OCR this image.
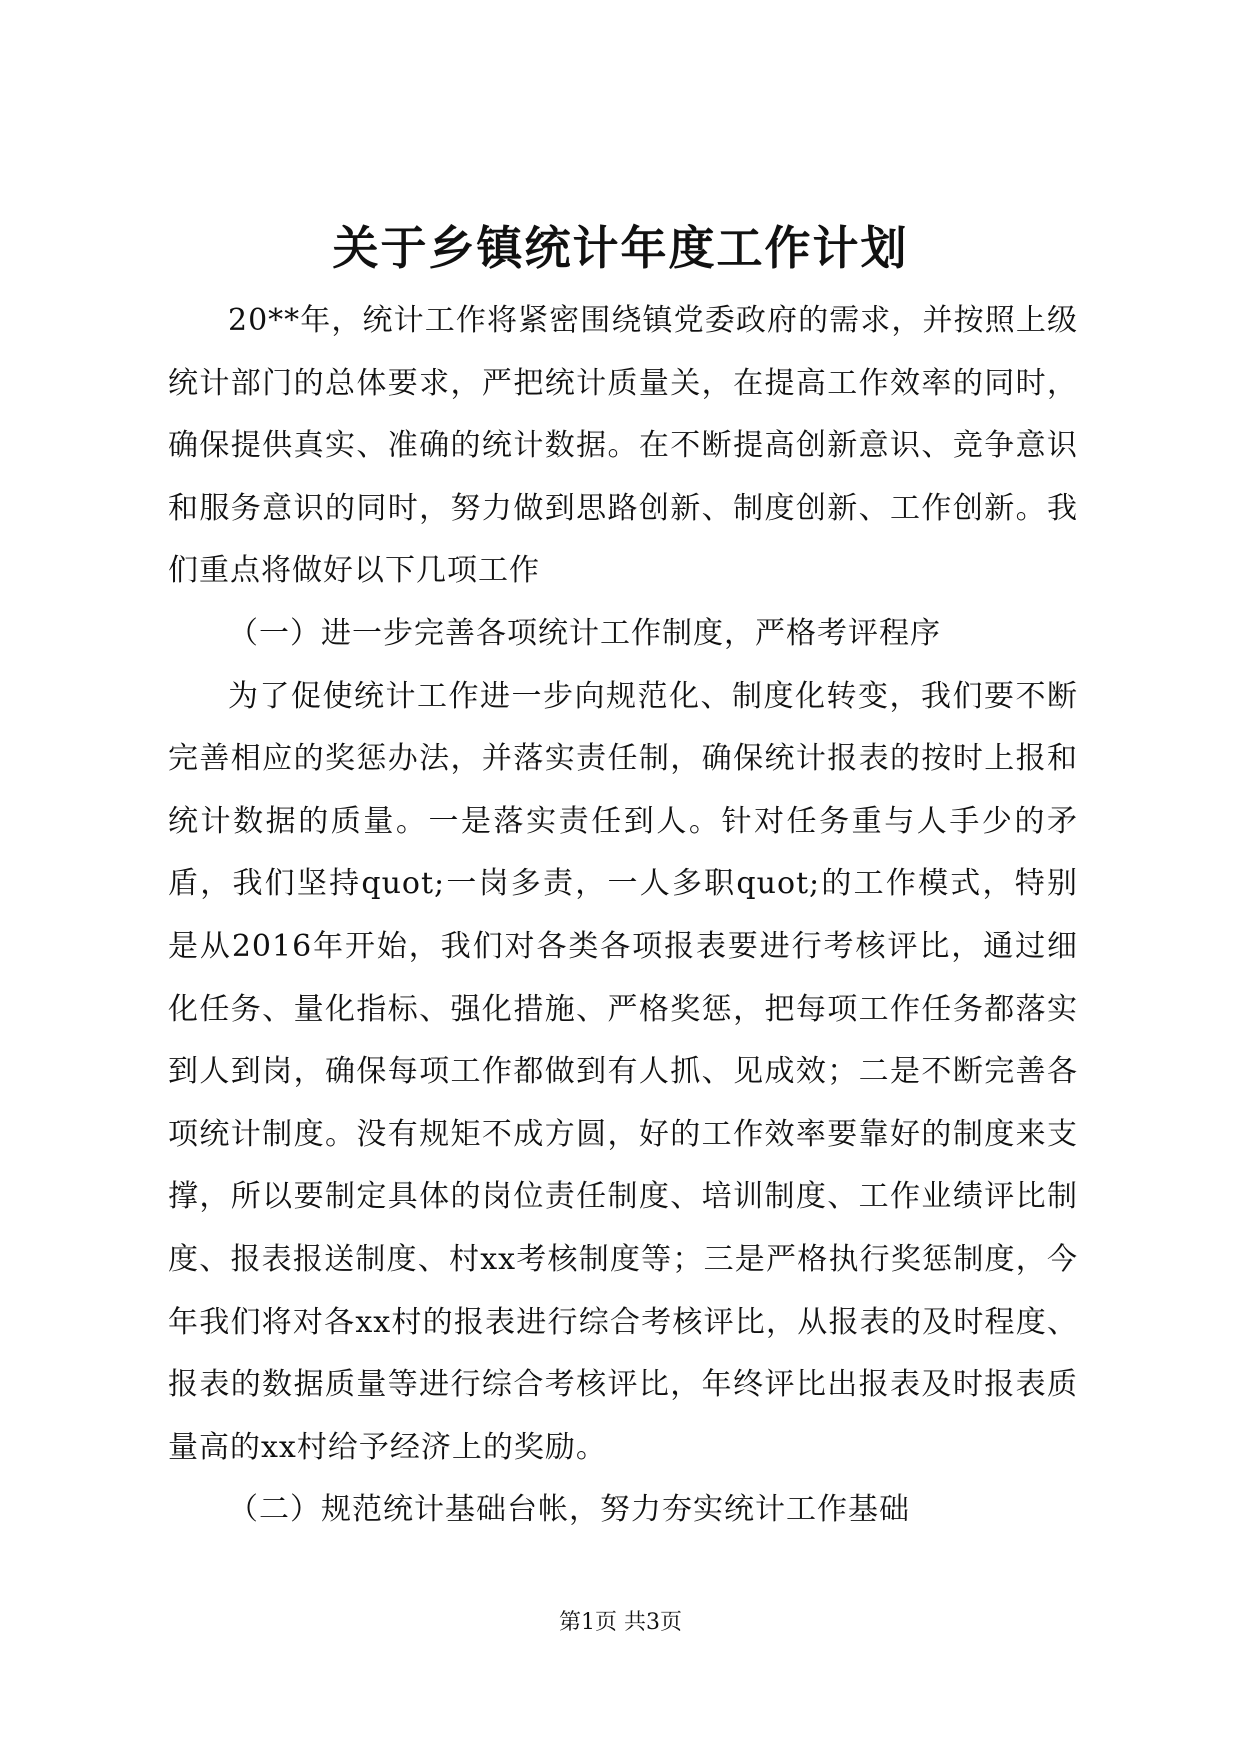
关于乡镇统计年度工作计划

20**年，统计工作将紧密围绕镇党委政府的需求，并按照上级统计部门的总体要求，严把统计质量关，在提高工作效率的同时，确保提供真实、准确的统计数据。在不断提高创新意识、竞争意识和服务意识的同时，努力做到思路创新、制度创新、工作创新。我们重点将做好以下几项工作

（一）进一步完善各项统计工作制度，严格考评程序

为了促使统计工作进一步向规范化、制度化转变，我们要不断完善相应的奖惩办法，并落实责任制，确保统计报表的按时上报和统计数据的质量。一是落实责任到人。针对任务重与人手少的矛盾，我们坚持quot;一岗多责，一人多职quot;的工作模式，特别是从2016年开始，我们对各类各项报表要进行考核评比，通过细化任务、量化指标、强化措施、严格奖惩，把每项工作任务都落实到人到岗，确保每项工作都做到有人抓、见成效；二是不断完善各项统计制度。没有规矩不成方圆，好的工作效率要靠好的制度来支撑，所以要制定具体的岗位责任制度、培训制度、工作业绩评比制度、报表报送制度、村xx考核制度等；三是严格执行奖惩制度，今年我们将对各xx村的报表进行综合考核评比，从报表的及时程度、报表的数据质量等进行综合考核评比，年终评比出报表及时报表质量高的xx村给予经济上的奖励。

（二）规范统计基础台帐，努力夯实统计工作基础

第1页 共3页
